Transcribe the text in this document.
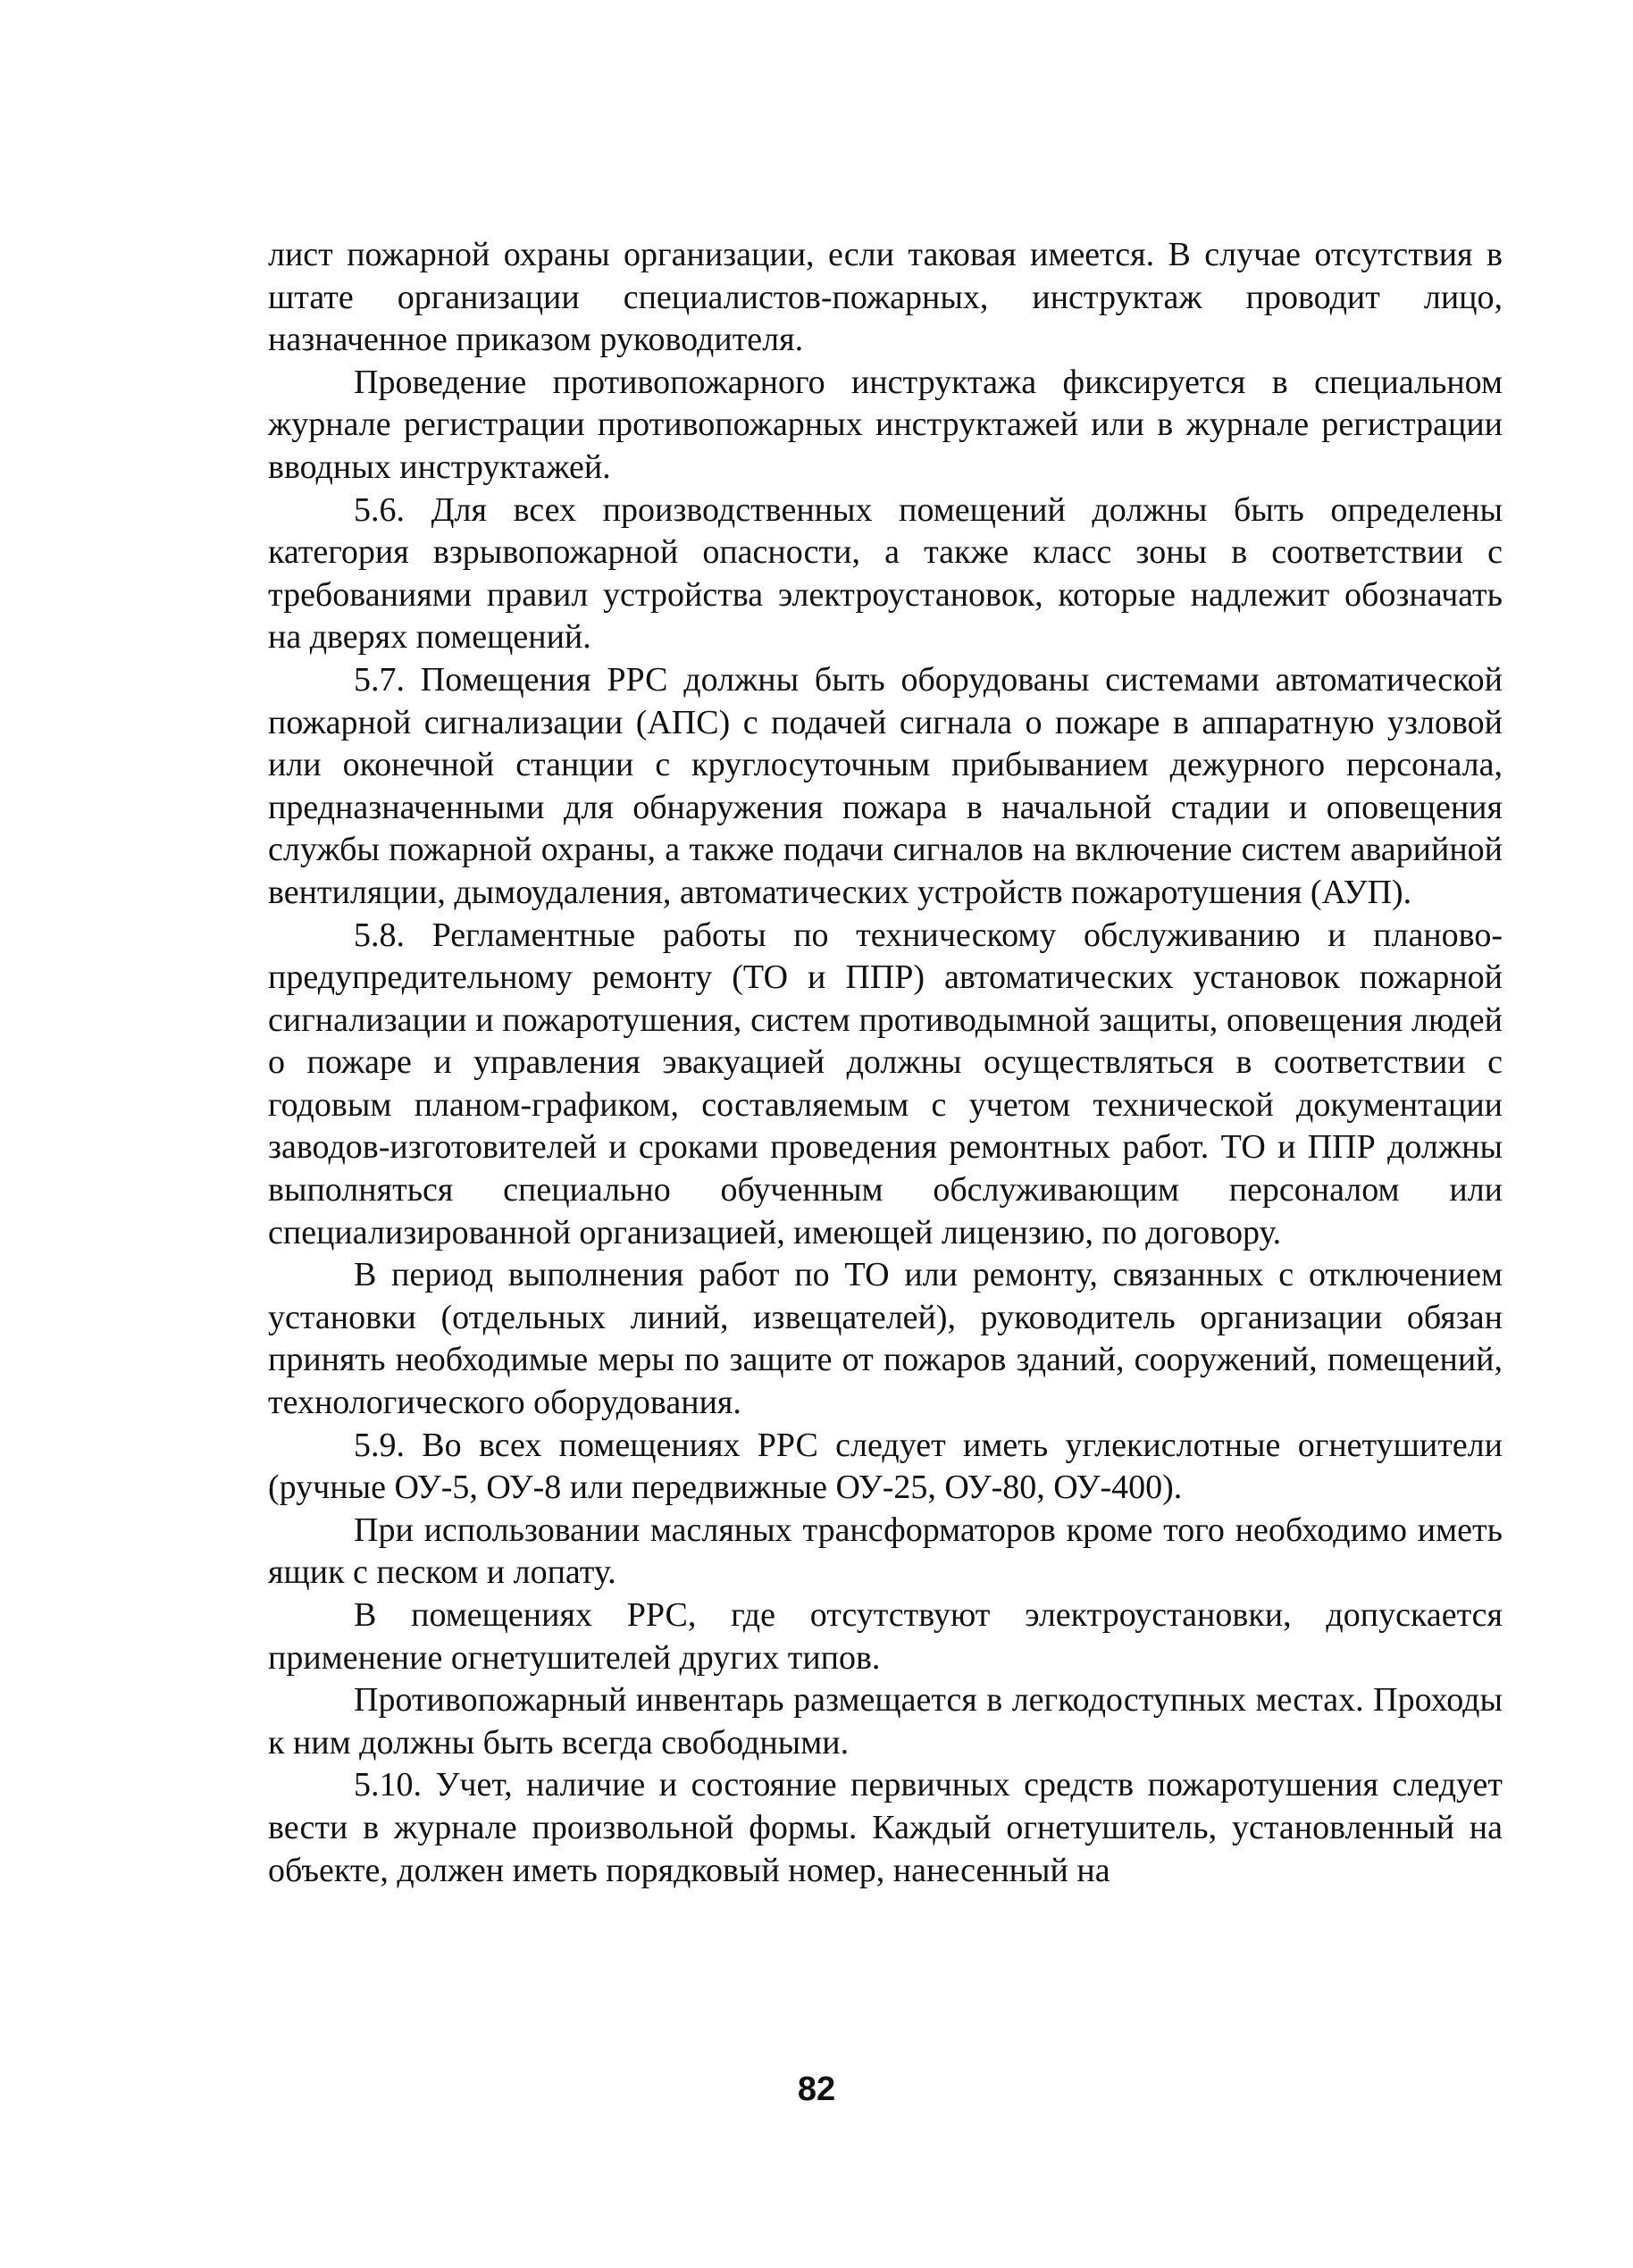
лист пожарной охраны организации, если таковая имеется. В случае отсутствия в штате организации специалистов-пожарных, инструктаж проводит лицо, назначенное приказом руководителя.

Проведение противопожарного инструктажа фиксируется в специальном журнале регистрации противопожарных инструктажей или в журнале регистрации вводных инструктажей.

5.6. Для всех производственных помещений должны быть определены категория взрывопожарной опасности, а также класс зоны в соответствии с требованиями правил устройства электроустановок, которые надлежит обозначать на дверях помещений.

5.7. Помещения РРС должны быть оборудованы системами автоматической пожарной сигнализации (АПС) с подачей сигнала о пожаре в аппаратную узловой или оконечной станции с круглосуточным прибыванием дежурного персонала, предназначенными для обнаружения пожара в начальной стадии и оповещения службы пожарной охраны, а также подачи сигналов на включение систем аварийной вентиляции, дымоудаления, автоматических устройств пожаротушения (АУП).

5.8. Регламентные работы по техническому обслуживанию и планово-предупредительному ремонту (ТО и ППР) автоматических установок пожарной сигнализации и пожаротушения, систем противодымной защиты, оповещения людей о пожаре и управления эвакуацией должны осуществляться в соответствии с годовым планом-графиком, составляемым с учетом технической документации заводов-изготовителей и сроками проведения ремонтных работ. ТО и ППР должны выполняться специально обученным обслуживающим персоналом или специализированной организацией, имеющей лицензию, по договору.

В период выполнения работ по ТО или ремонту, связанных с отключением установки (отдельных линий, извещателей), руководитель организации обязан принять необходимые меры по защите от пожаров зданий, сооружений, помещений, технологического оборудования.

5.9. Во всех помещениях РРС следует иметь углекислотные огнетушители (ручные ОУ-5, ОУ-8 или передвижные ОУ-25, ОУ-80, ОУ-400).

При использовании масляных трансформаторов кроме того необходимо иметь ящик с песком и лопату.

В помещениях РРС, где отсутствуют электроустановки, допускается применение огнетушителей других типов.

Противопожарный инвентарь размещается в легкодоступных местах. Проходы к ним должны быть всегда свободными.

5.10. Учет, наличие и состояние первичных средств пожаротушения следует вести в журнале произвольной формы. Каждый огнетушитель, установленный на объекте, должен иметь порядковый номер, нанесенный на

82
